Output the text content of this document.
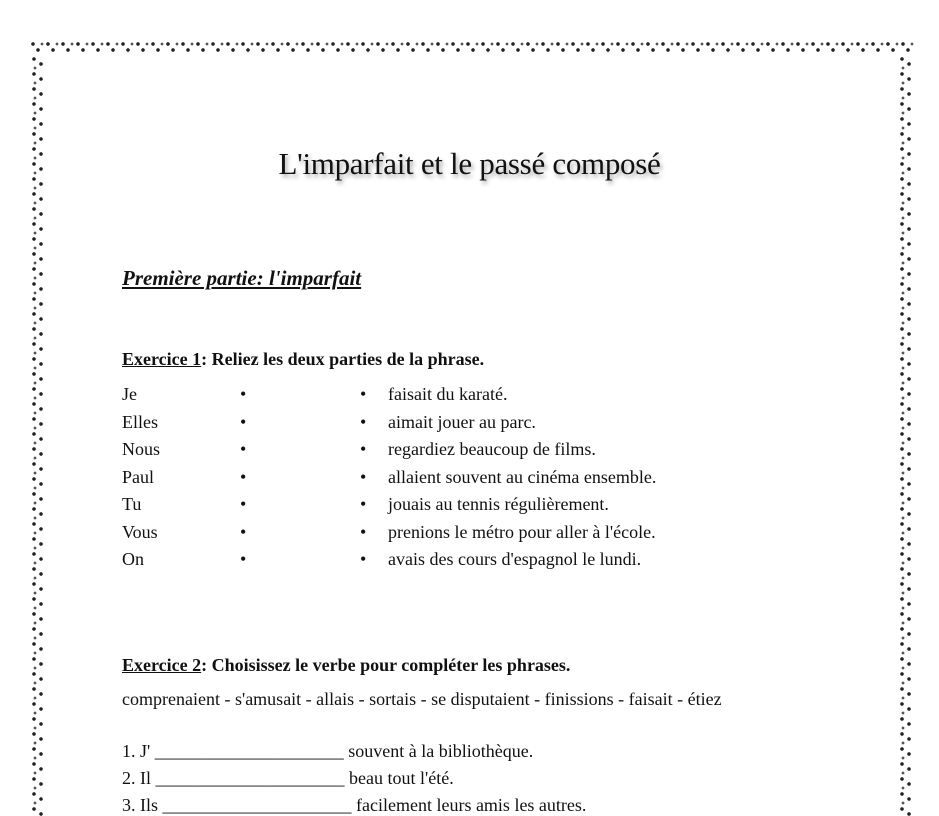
L'imparfait et le passé composé
Première partie: l'imparfait
Exercice 1: Reliez les deux parties de la phrase.
Je	•	• faisait du karaté.
Elles	•	• aimait jouer au parc.
Nous	•	• regardiez beaucoup de films.
Paul	•	• allaient souvent au cinéma ensemble.
Tu	•	• jouais au tennis régulièrement.
Vous	•	• prenions le métro pour aller à l'école.
On	•	• avais des cours d'espagnol le lundi.
Exercice 2: Choisissez le verbe pour compléter les phrases.
comprenaient - s'amusait - allais - sortais - se disputaient - finissions - faisait - étiez
1. J' _____________________ souvent à la bibliothèque.
2. Il _____________________ beau tout l'été.
3. Ils _____________________ facilement leurs amis les autres.
